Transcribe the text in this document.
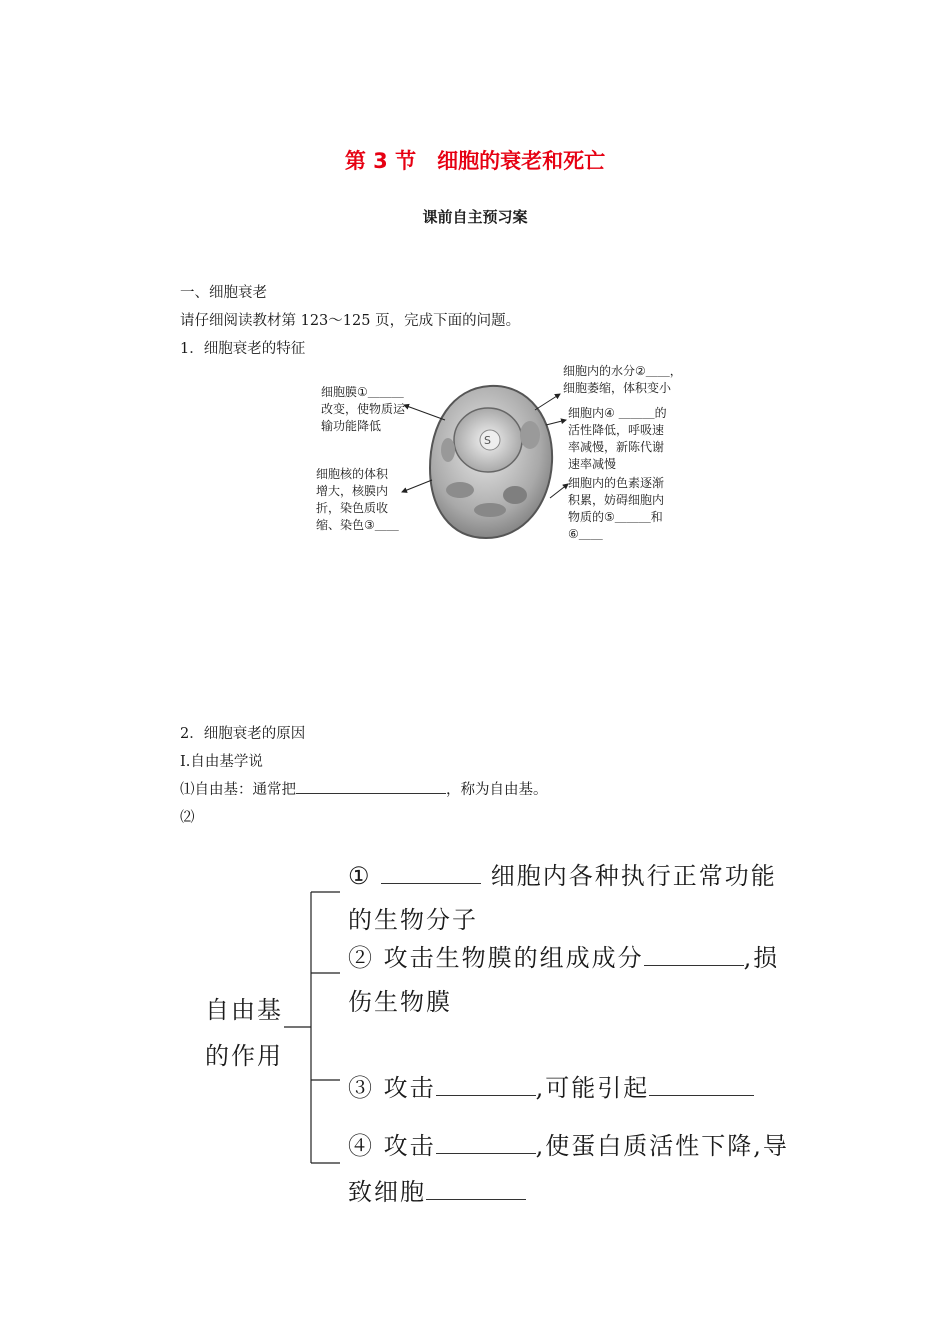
第 3 节　细胞的衰老和死亡
课前自主预习案
一、细胞衰老
请仔细阅读教材第 123～125 页，完成下面的问题。
1．细胞衰老的特征
S
细胞膜①＿＿＿
改变，使物质运
输功能降低
细胞核的体积
增大，核膜内
折，染色质收
缩、染色③＿＿
细胞内的水分②＿＿，
细胞萎缩，体积变小
细胞内④ ＿＿＿的
活性降低，呼吸速
率减慢，新陈代谢
速率减慢
细胞内的色素逐渐
积累，妨碍细胞内
物质的⑤＿＿＿和
⑥＿＿
2．细胞衰老的原因
Ⅰ.自由基学说
⑴自由基：通常把	，称为自由基。
⑵
自由基
的作用
①	细胞内各种执行正常功能
的生物分子
② 攻击生物膜的组成成分	,损
伤生物膜
③ 攻击	,可能引起
④ 攻击	,使蛋白质活性下降,导
致细胞
